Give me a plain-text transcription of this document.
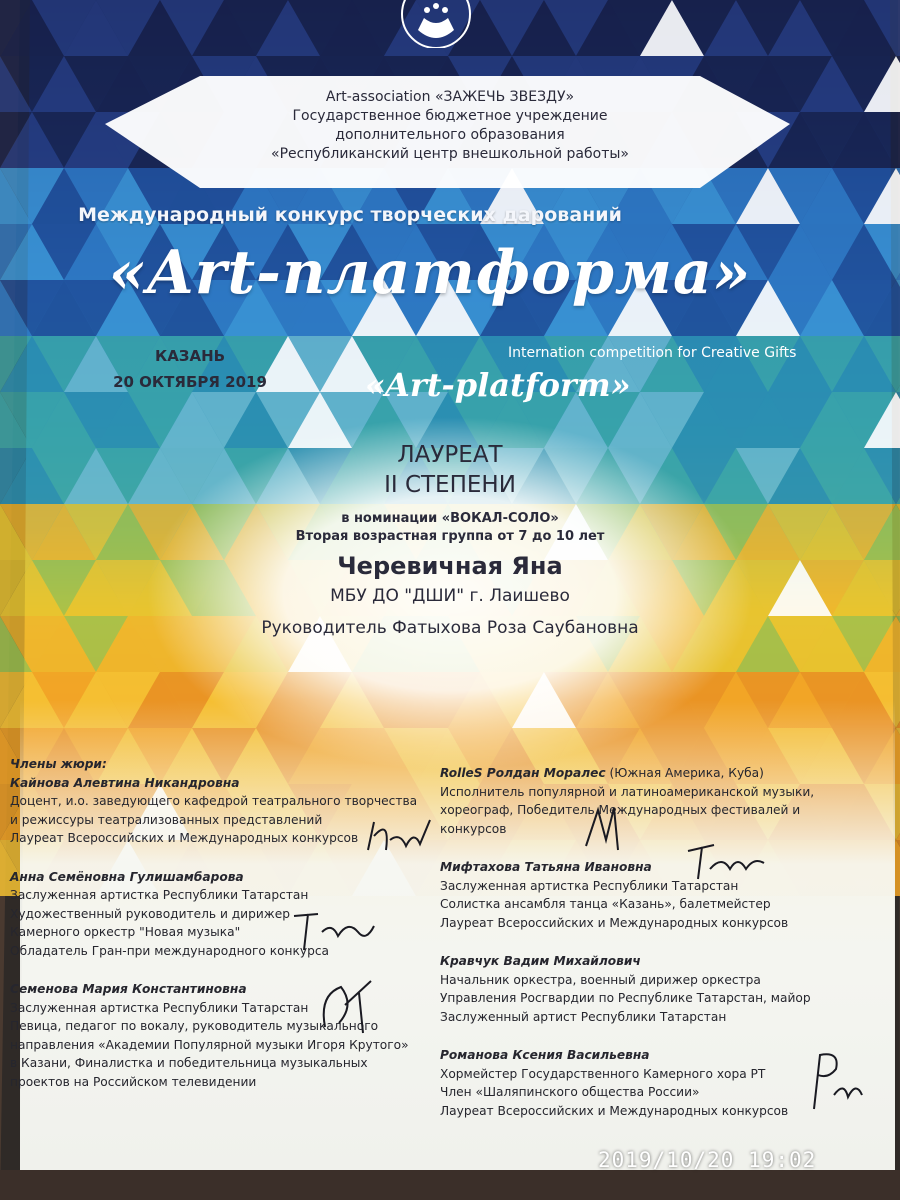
Art-association «ЗАЖЕЧЬ ЗВЕЗДУ»
Государственное бюджетное учреждение
дополнительного образования
«Республиканский центр внешкольной работы»
Международный конкурс творческих дарований
«Art-платформа»
КАЗАНЬ
20 ОКТЯБРЯ 2019
Internation competition for Creative Gifts
«Art-platform»
ЛАУРЕАТ
II СТЕПЕНИ
в номинации «ВОКАЛ-СОЛО»
Вторая возрастная группа от 7 до 10 лет
Черевичная Яна
МБУ ДО "ДШИ" г. Лаишево
Руководитель Фатыхова Роза Саубановна
Члены жюри:
Кайнова Алевтина Никандровна
Доцент, и.о. заведующего кафедрой театрального творчества
и режиссуры театрализованных представлений
Лауреат Всероссийских и Международных конкурсов
Анна Семёновна Гулишамбарова
Заслуженная артистка Республики Татарстан
Художественный руководитель и дирижер
Камерного оркестр "Новая музыка"
Обладатель Гран-при международного конкурса
Семенова Мария Константиновна
Заслуженная артистка Республики Татарстан
Певица, педагог по вокалу, руководитель музыкального
направления «Академии Популярной музыки Игоря Крутого»
в Казани, Финалистка и победительница музыкальных
проектов на Российском телевидении
RolleS Ролдан Моралес (Южная Америка, Куба)
Исполнитель популярной и латиноамериканской музыки,
хореограф, Победитель Международных фестивалей и
конкурсов
Мифтахова Татьяна Ивановна
Заслуженная артистка Республики Татарстан
Солистка ансамбля танца «Казань», балетмейстер
Лауреат Всероссийских и Международных конкурсов
Кравчук Вадим Михайлович
Начальник оркестра, военный дирижер оркестра
Управления Росгвардии по Республике Татарстан, майор
Заслуженный артист Республики Татарстан
Романова Ксения Васильевна
Хормейстер Государственного Камерного хора РТ
Член «Шаляпинского общества России»
Лауреат Всероссийских и Международных конкурсов
2019/10/20 19:02
